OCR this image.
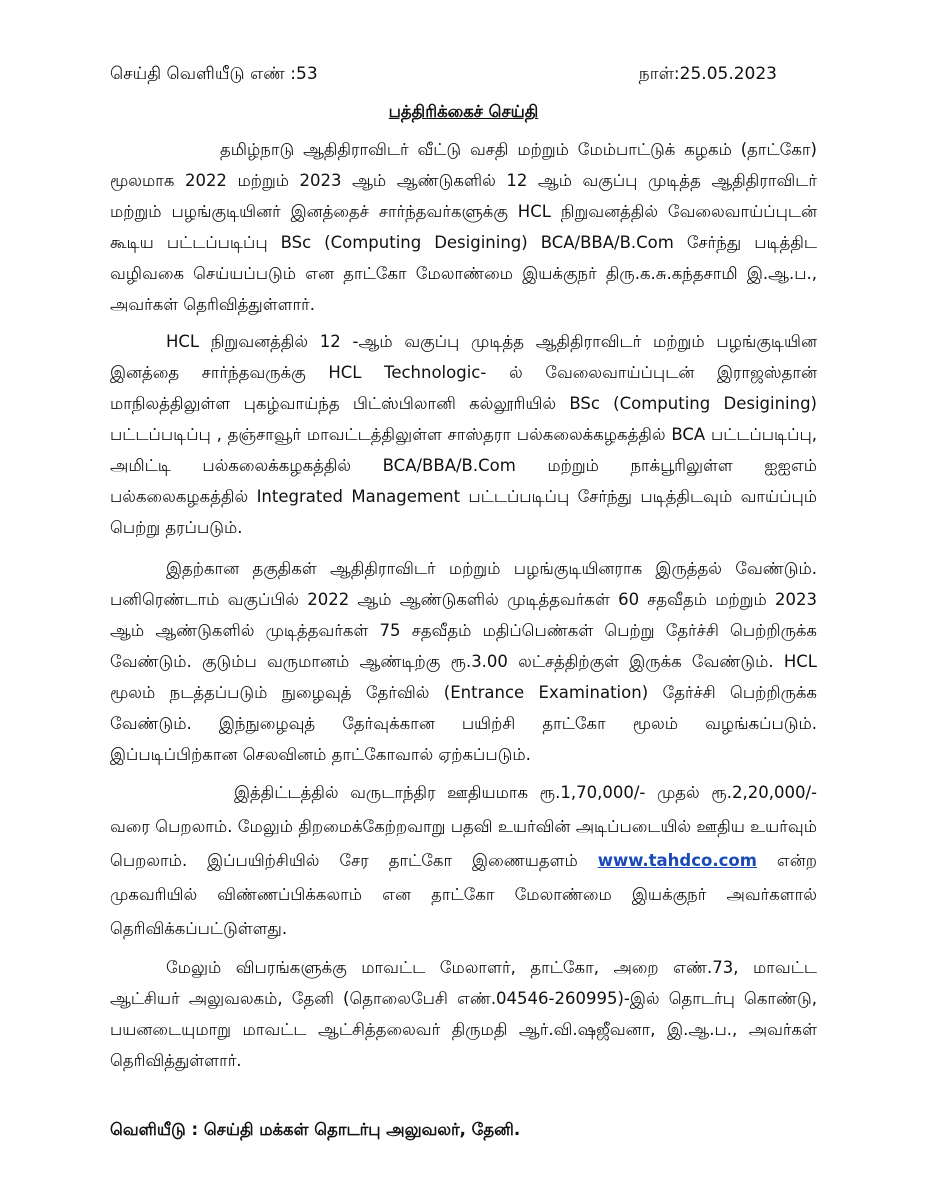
செய்தி வெளியீடு எண் :53	நாள்:25.05.2023
பத்திரிக்கைச் செய்தி

தமிழ்நாடு ஆதிதிராவிடர் வீட்டு வசதி மற்றும் மேம்பாட்டுக் கழகம் (தாட்கோ) மூலமாக 2022 மற்றும் 2023 ஆம் ஆண்டுகளில் 12 ஆம் வகுப்பு முடித்த ஆதிதிராவிடர் மற்றும் பழங்குடியினர் இனத்தைச் சார்ந்தவர்களுக்கு HCL நிறுவனத்தில் வேலைவாய்ப்புடன் கூடிய பட்டப்படிப்பு BSc (Computing Desigining) BCA/BBA/B.Com சேர்ந்து படித்திட வழிவகை செய்யப்படும் என தாட்கோ மேலாண்மை இயக்குநர் திரு.க.சு.கந்தசாமி இ.ஆ.ப., அவர்கள் தெரிவித்துள்ளார்.

HCL நிறுவனத்தில் 12 -ஆம் வகுப்பு முடித்த ஆதிதிராவிடர் மற்றும் பழங்குடியின இனத்தை சார்ந்தவருக்கு HCL Technologic- ல் வேலைவாய்ப்புடன் இராஜஸ்தான் மாநிலத்திலுள்ள புகழ்வாய்ந்த பிட்ஸ்பிலானி கல்லூரியில் BSc (Computing Desigining) பட்டப்படிப்பு , தஞ்சாவூர் மாவட்டத்திலுள்ள சாஸ்தரா பல்கலைக்கழகத்தில் BCA பட்டப்படிப்பு, அமிட்டி பல்கலைக்கழகத்தில் BCA/BBA/B.Com மற்றும் நாக்பூரிலுள்ள ஐஐஎம் பல்கலைகழகத்தில் Integrated Management பட்டப்படிப்பு சேர்ந்து படித்திடவும் வாய்ப்பும் பெற்று தரப்படும்.

இதற்கான தகுதிகள் ஆதிதிராவிடர் மற்றும் பழங்குடியினராக இருத்தல் வேண்டும். பனிரெண்டாம் வகுப்பில் 2022 ஆம் ஆண்டுகளில் முடித்தவர்கள் 60 சதவீதம் மற்றும் 2023 ஆம் ஆண்டுகளில் முடித்தவர்கள் 75 சதவீதம் மதிப்பெண்கள் பெற்று தேர்ச்சி பெற்றிருக்க வேண்டும். குடும்ப வருமானம் ஆண்டிற்கு ரூ.3.00 லட்சத்திற்குள் இருக்க வேண்டும். HCL மூலம் நடத்தப்படும் நுழைவுத் தேர்வில் (Entrance Examination) தேர்ச்சி பெற்றிருக்க வேண்டும். இந்நுழைவுத் தேர்வுக்கான பயிற்சி தாட்கோ மூலம் வழங்கப்படும். இப்படிப்பிற்கான செலவினம் தாட்கோவால் ஏற்கப்படும்.

இத்திட்டத்தில் வருடாந்திர ஊதியமாக ரூ.1,70,000/- முதல் ரூ.2,20,000/- வரை பெறலாம். மேலும் திறமைக்கேற்றவாறு பதவி உயர்வின் அடிப்படையில் ஊதிய உயர்வும் பெறலாம். இப்பயிற்சியில் சேர தாட்கோ இணையதளம் www.tahdco.com என்ற முகவரியில் விண்ணப்பிக்கலாம் என தாட்கோ மேலாண்மை இயக்குநர் அவர்களால் தெரிவிக்கப்பட்டுள்ளது.

மேலும் விபரங்களுக்கு மாவட்ட மேலாளர், தாட்கோ, அறை எண்.73, மாவட்ட ஆட்சியர் அலுவலகம், தேனி (தொலைபேசி எண்.04546-260995)-இல் தொடர்பு கொண்டு, பயனடையுமாறு மாவட்ட ஆட்சித்தலைவர் திருமதி ஆர்.வி.ஷஜீவனா, இ.ஆ.ப., அவர்கள் தெரிவித்துள்ளார்.

வெளியீடு : செய்தி மக்கள் தொடர்பு அலுவலர், தேனி.
